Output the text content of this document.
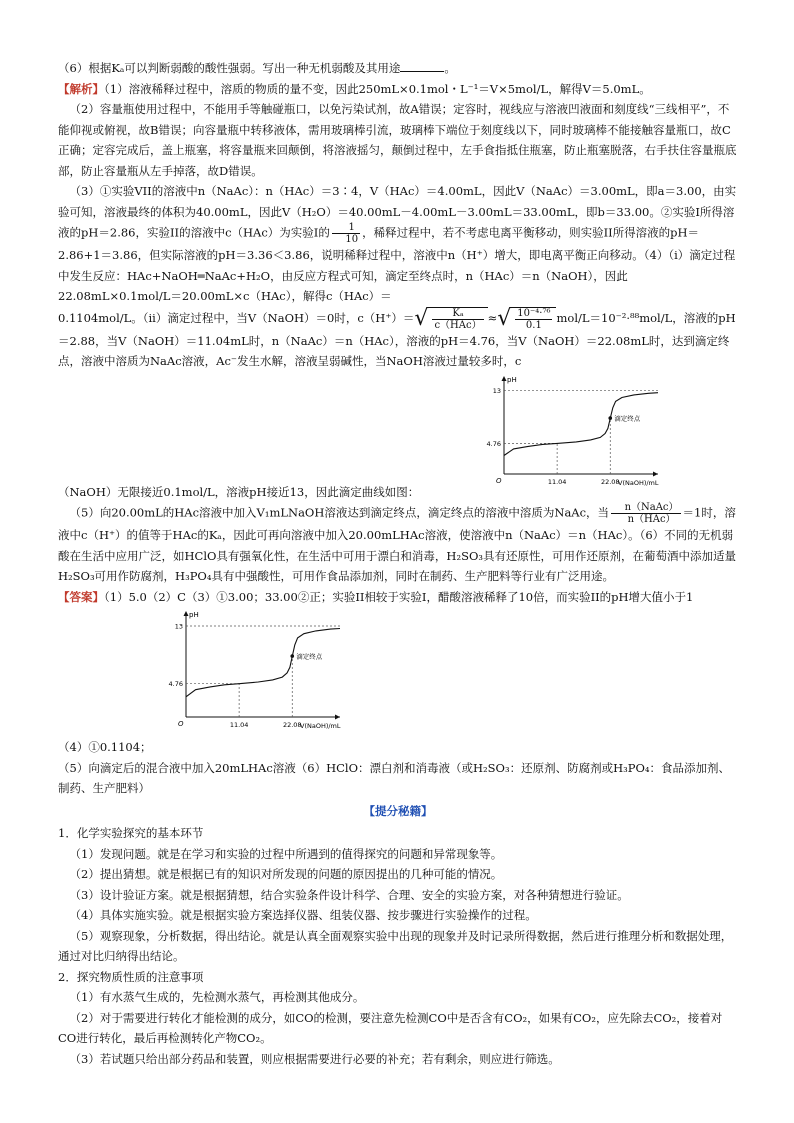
（6）根据Kₐ可以判断弱酸的酸性强弱。写出一种无机弱酸及其用途	。

【解析】（1）溶液稀释过程中，溶质的物质的量不变，因此250mL×0.1mol・L⁻¹＝V×5mol/L，解得V＝5.0mL。

（2）容量瓶使用过程中，不能用手等触碰瓶口，以免污染试剂，故A错误；定容时，视线应与溶液凹液面和刻度线“三线相平”，不能仰视或俯视，故B错误；向容量瓶中转移液体，需用玻璃棒引流，玻璃棒下端位于刻度线以下，同时玻璃棒不能接触容量瓶口，故C正确；定容完成后，盖上瓶塞，将容量瓶来回颠倒，将溶液摇匀，颠倒过程中，左手食指抵住瓶塞，防止瓶塞脱落，右手扶住容量瓶底部，防止容量瓶从左手掉落，故D错误。

（3）①实验VII的溶液中n（NaAc）：n（HAc）＝3∶4，V（HAc）＝4.00mL，因此V（NaAc）＝3.00mL，即a＝3.00，由实验可知，溶液最终的体积为40.00mL，因此V（H₂O）＝40.00mL－4.00mL－3.00mL＝33.00mL，即b＝33.00。②实验I所得溶液的pH＝2.86，实验II的溶液中c（HAc）为实验I的 $\frac{1}{10}$ ，稀释过程中，若不考虑电离平衡移动，则实验II所得溶液的pH＝2.86+1＝3.86，但实际溶液的pH＝3.36＜3.86，说明稀释过程中，溶液中n（H⁺）增大，即电离平衡正向移动。（4）（i）滴定过程中发生反应：HAc+NaOH═NaAc+H₂O，由反应方程式可知，滴定至终点时，n（HAc）＝n（NaOH），因此22.08mL×0.1mol/L＝20.00mL×c（HAc），解得c（HAc）＝

0.1104mol/L。（ii）滴定过程中，当V（NaOH）＝0时，$c(H^+)=√ \frac{\text{Kₐ}}{\text{c（HAc）}}$ ≈√ $\frac{\text{10⁻⁴·⁷⁶}}{0.1} mol/L=10^{-2}\cdot^{88}mol/L$，溶液的pH＝2.88，当V（NaOH）＝11.04mL时，n（NaAc）＝n（HAc），溶液的pH＝4.76，当V（NaOH）＝22.08mL时，达到滴定终点，溶液中溶质为NaAc溶液，Ac⁻发生水解，溶液呈弱碱性，当NaOH溶液过量较多时，c

pH
V(NaOH)/mL
O
4.76
13
11.04	22.08
滴定终点

（NaOH）无限接近0.1mol/L，溶液pH接近13，因此滴定曲线如图：

（5）向20.00mL的HAc溶液中加入V₁mLNaOH溶液达到滴定终点，滴定终点的溶液中溶质为NaAc，当 $\frac{\text{n（NaAc）}}{\text{n（HAc）}} =1$时，溶液中c（H⁺）的值等于HAc的Kₐ，因此可再向溶液中加入20.00mLHAc溶液，使溶液中n（NaAc）＝n（HAc）。（6）不同的无机弱酸在生活中应用广泛，如HClO具有强氧化性，在生活中可用于漂白和消毒，H₂SO₃具有还原性，可用作还原剂，在葡萄酒中添加适量H₂SO₃可用作防腐剂，H₃PO₄具有中强酸性，可用作食品添加剂，同时在制药、生产肥料等行业有广泛用途。

【答案】（1）5.0（2）C（3）①3.00；33.00②正；实验II相较于实验I，醋酸溶液稀释了10倍，而实验II的pH增大值小于1

pH
V(NaOH)/mL
O
4.76
13
11.04	22.08
滴定终点

（4）①0.1104；

（5）向滴定后的混合液中加入20mLHAc溶液（6）HClO：漂白剂和消毒液（或H₂SO₃：还原剂、防腐剂或H₃PO₄：食品添加剂、制药、生产肥料）

【提分秘籍】

1．化学实验探究的基本环节

（1）发现问题。就是在学习和实验的过程中所遇到的值得探究的问题和异常现象等。

（2）提出猜想。就是根据已有的知识对所发现的问题的原因提出的几种可能的情况。

（3）设计验证方案。就是根据猜想，结合实验条件设计科学、合理、安全的实验方案，对各种猜想进行验证。

（4）具体实施实验。就是根据实验方案选择仪器、组装仪器、按步骤进行实验操作的过程。

（5）观察现象，分析数据，得出结论。就是认真全面观察实验中出现的现象并及时记录所得数据，然后进行推理分析和数据处理，通过对比归纳得出结论。

2．探究物质性质的注意事项

（1）有水蒸气生成的，先检测水蒸气，再检测其他成分。

（2）对于需要进行转化才能检测的成分，如CO的检测，要注意先检测CO中是否含有CO₂，如果有CO₂，应先除去CO₂，接着对CO进行转化，最后再检测转化产物CO₂。

（3）若试题只给出部分药品和装置，则应根据需要进行必要的补充；若有剩余，则应进行筛选。
